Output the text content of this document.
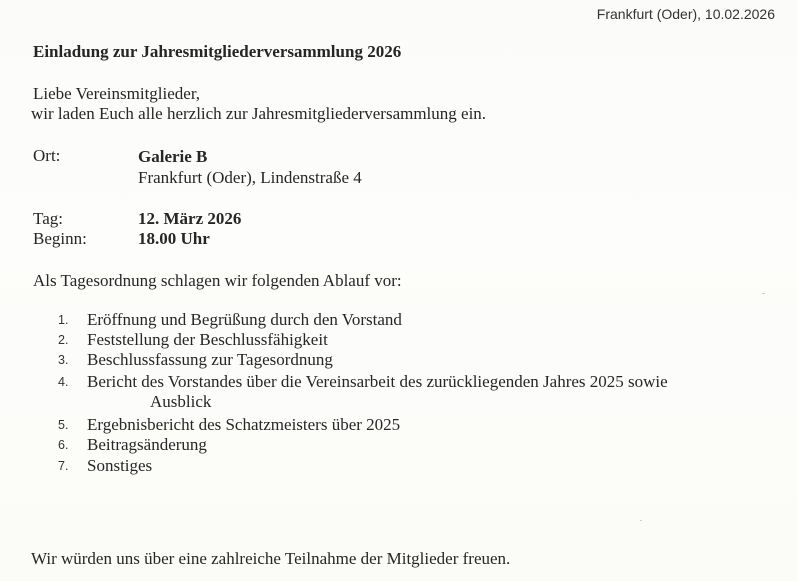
Frankfurt (Oder), 10.02.2026
Einladung zur Jahresmitgliederversammlung 2026
Liebe Vereinsmitglieder,
wir laden Euch alle herzlich zur Jahresmitgliederversammlung ein.
Ort:	Galerie B
Frankfurt (Oder), Lindenstraße 4
Tag:	12. März 2026
Beginn:	18.00 Uhr
Als Tagesordnung schlagen wir folgenden Ablauf vor:
1. Eröffnung und Begrüßung durch den Vorstand
2. Feststellung der Beschlussfähigkeit
3. Beschlussfassung zur Tagesordnung
4. Bericht des Vorstandes über die Vereinsarbeit des zurückliegenden Jahres 2025 sowie
Ausblick
5. Ergebnisbericht des Schatzmeisters über 2025
6. Beitragsänderung
7. Sonstiges
Wir würden uns über eine zahlreiche Teilnahme der Mitglieder freuen.
